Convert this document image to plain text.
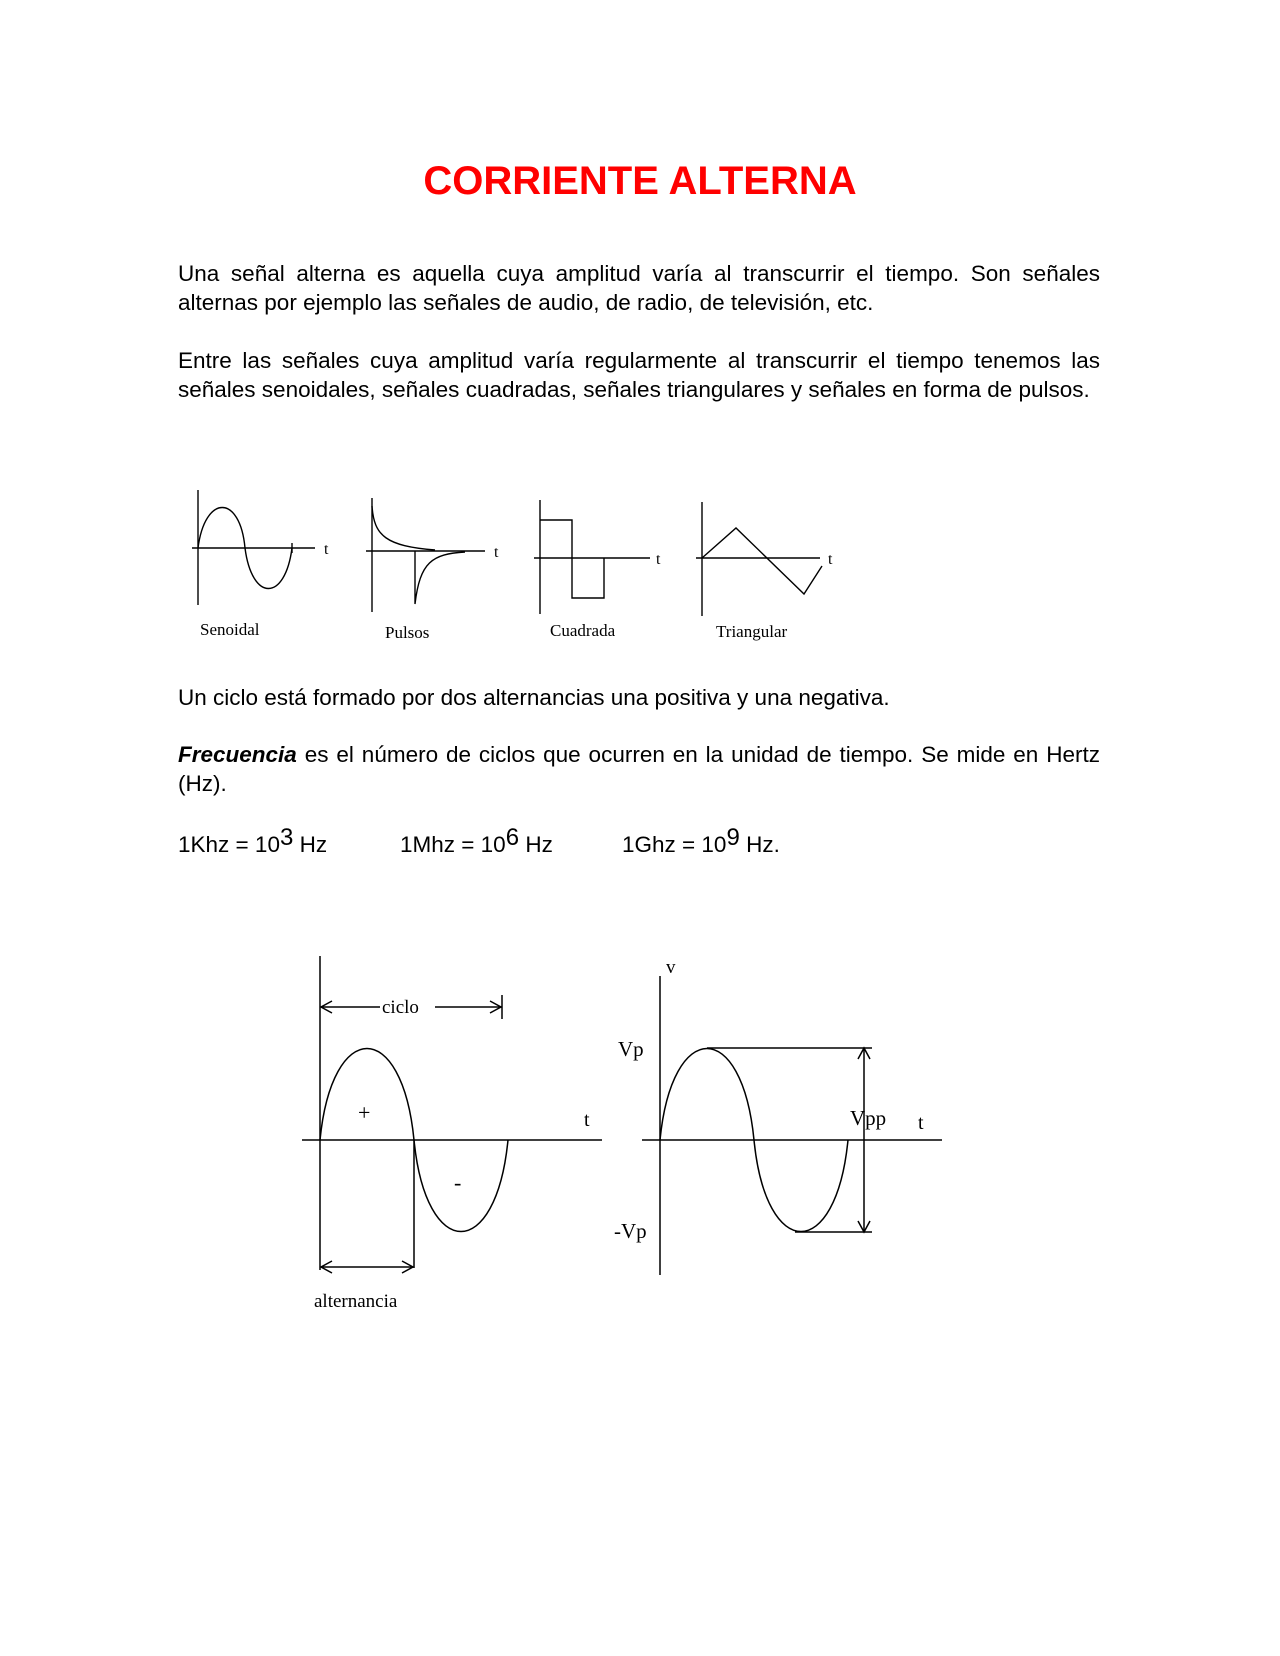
CORRIENTE ALTERNA

Una señal alterna es aquella cuya amplitud varía al transcurrir el tiempo. Son señales alternas por ejemplo las señales de audio, de radio, de televisión, etc.

Entre las señales cuya amplitud varía regularmente al transcurrir el tiempo tenemos las señales senoidales, señales cuadradas, señales triangulares y señales en forma de pulsos.

t	t	t	t
Senoidal	Pulsos	Cuadrada	Triangular

Un ciclo está formado por dos alternancias una positiva y una negativa.

Frecuencia es el número de ciclos que ocurren en la unidad de tiempo. Se mide en Hertz (Hz).

$1Khz = 10^3$ Hz	$1Mhz = 10^6$ Hz	$1Ghz = 10^9$ Hz.
ciclo
+
-
t
alternancia
v
Vp
-Vp
Vpp t
